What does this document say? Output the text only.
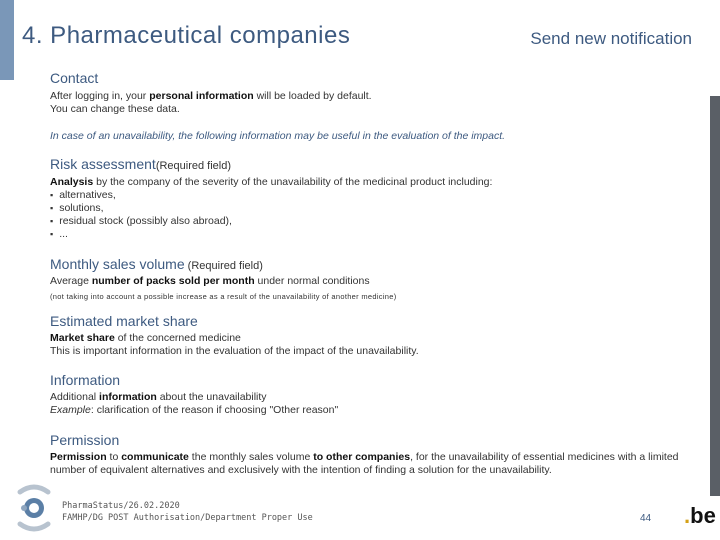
4. Pharmaceutical companies	Send new notification
Contact

After logging in, your personal information will be loaded by default.

You can change these data.

In case of an unavailability, the following information may be useful in the evaluation of the impact.

Risk assessment(Required field)

Analysis by the company of the severity of the unavailability of the medicinal product including:

▪ alternatives,
▪ solutions,
▪ residual stock (possibly also abroad),
▪ ...
Monthly sales volume (Required field)

Average number of packs sold per month under normal conditions

(not taking into account a possible increase as a result of the unavailability of another medicine)

Estimated market share

Market share of the concerned medicine

This is important information in the evaluation of the impact of the unavailability.

Information

Additional information about the unavailability

Example: clarification of the reason if choosing "Other reason"

Permission

Permission to communicate the monthly sales volume to other companies, for the unavailability of essential medicines with a limited number of equivalent alternatives and exclusively with the intention of finding a solution for the unavailability.

PharmaStatus/26.02.2020
FAMHP/DG POST Authorisation/Department Proper Use	44 .be
